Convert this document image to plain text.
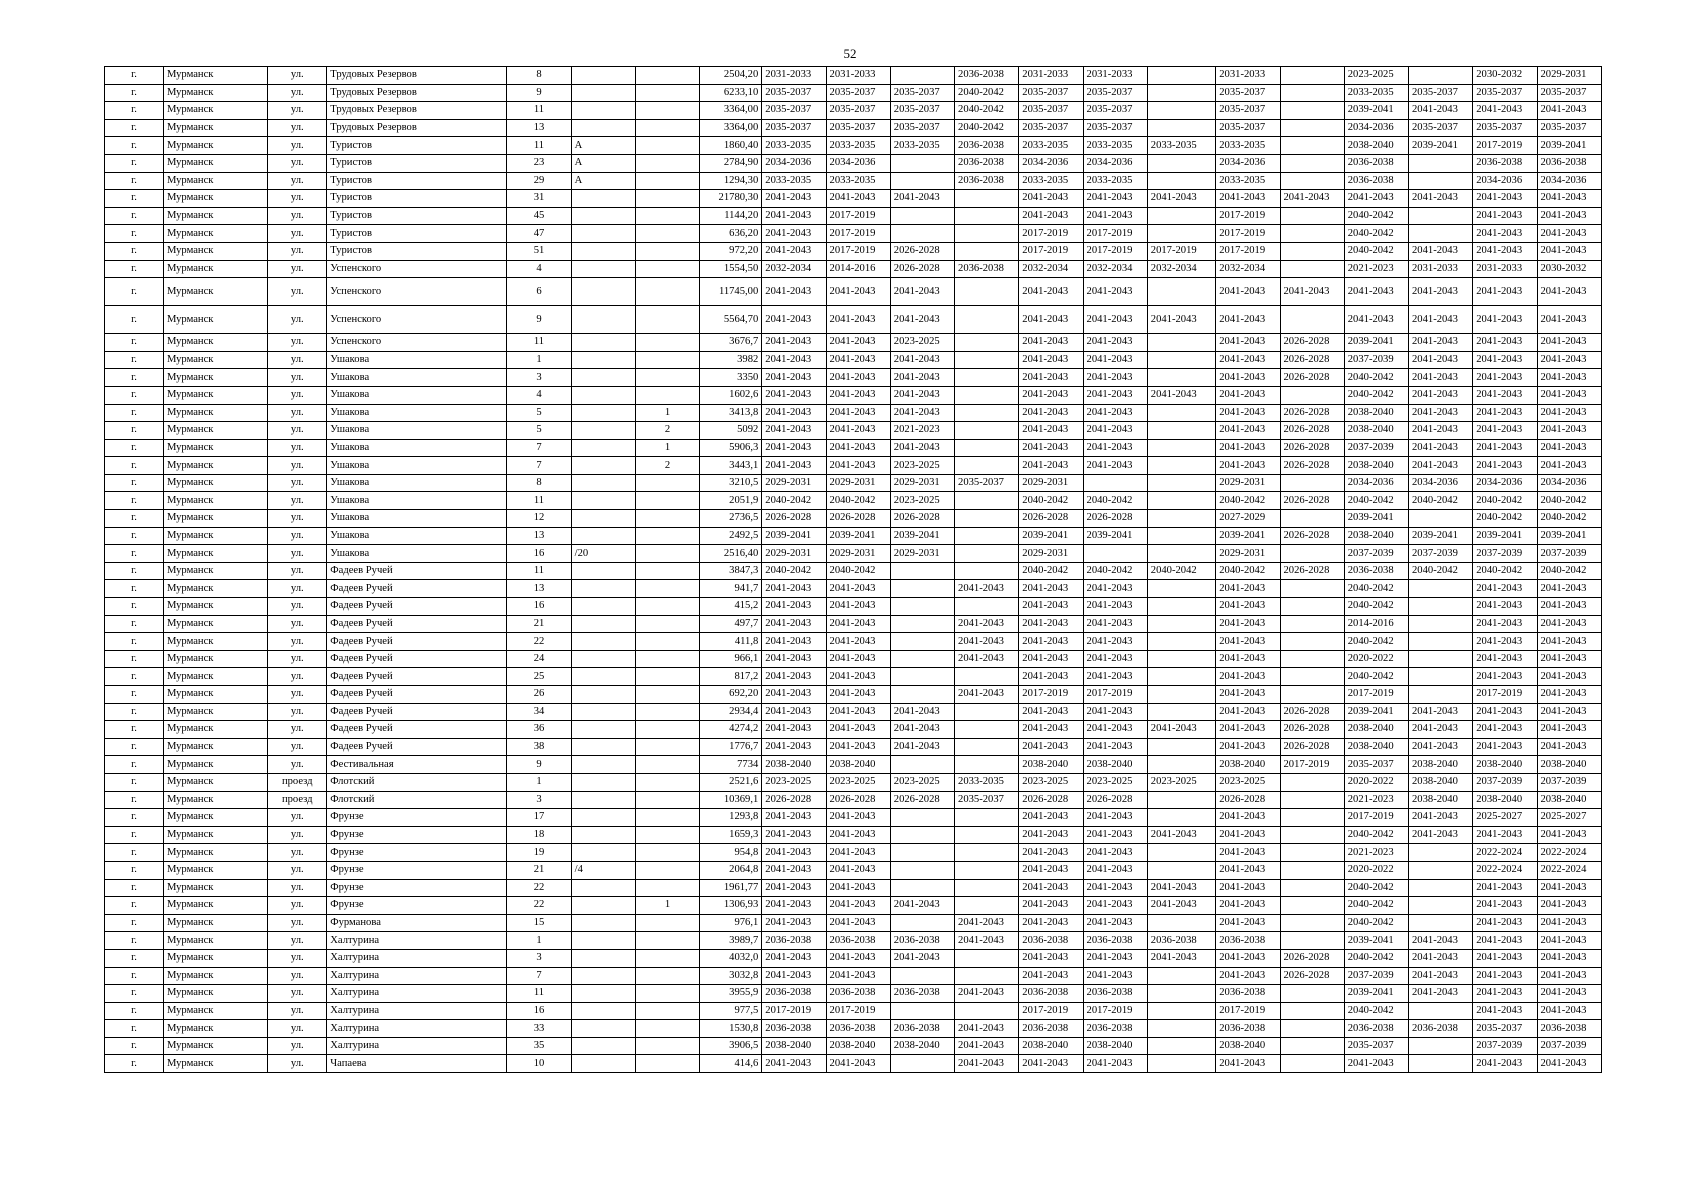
52
г.	Мурманск	ул.	Трудовых Резервов	8			2504,20	2031-2033	2031-2033		2036-2038	2031-2033	2031-2033		2031-2033		2023-2025		2030-2032	2029-2031
г.	Мурманск	ул.	Трудовых Резервов	9			6233,10	2035-2037	2035-2037	2035-2037	2040-2042	2035-2037	2035-2037		2035-2037		2033-2035	2035-2037	2035-2037	2035-2037
г.	Мурманск	ул.	Трудовых Резервов	11			3364,00	2035-2037	2035-2037	2035-2037	2040-2042	2035-2037	2035-2037		2035-2037		2039-2041	2041-2043	2041-2043	2041-2043
г.	Мурманск	ул.	Трудовых Резервов	13			3364,00	2035-2037	2035-2037	2035-2037	2040-2042	2035-2037	2035-2037		2035-2037		2034-2036	2035-2037	2035-2037	2035-2037
г.	Мурманск	ул.	Туристов	11	А		1860,40	2033-2035	2033-2035	2033-2035	2036-2038	2033-2035	2033-2035	2033-2035	2033-2035		2038-2040	2039-2041	2017-2019	2039-2041
г.	Мурманск	ул.	Туристов	23	А		2784,90	2034-2036	2034-2036		2036-2038	2034-2036	2034-2036		2034-2036		2036-2038		2036-2038	2036-2038
г.	Мурманск	ул.	Туристов	29	А		1294,30	2033-2035	2033-2035		2036-2038	2033-2035	2033-2035		2033-2035		2036-2038		2034-2036	2034-2036
г.	Мурманск	ул.	Туристов	31			21780,30	2041-2043	2041-2043	2041-2043		2041-2043	2041-2043	2041-2043	2041-2043	2041-2043	2041-2043	2041-2043	2041-2043	2041-2043
г.	Мурманск	ул.	Туристов	45			1144,20	2041-2043	2017-2019			2041-2043	2041-2043		2017-2019		2040-2042		2041-2043	2041-2043
г.	Мурманск	ул.	Туристов	47			636,20	2041-2043	2017-2019			2017-2019	2017-2019		2017-2019		2040-2042		2041-2043	2041-2043
г.	Мурманск	ул.	Туристов	51			972,20	2041-2043	2017-2019	2026-2028		2017-2019	2017-2019	2017-2019	2017-2019		2040-2042	2041-2043	2041-2043	2041-2043
г.	Мурманск	ул.	Успенского	4			1554,50	2032-2034	2014-2016	2026-2028	2036-2038	2032-2034	2032-2034	2032-2034	2032-2034		2021-2023	2031-2033	2031-2033	2030-2032
г.	Мурманск	ул.	Успенского	6			11745,00	2041-2043	2041-2043	2041-2043		2041-2043	2041-2043		2041-2043	2041-2043	2041-2043	2041-2043	2041-2043	2041-2043
г.	Мурманск	ул.	Успенского	9			5564,70	2041-2043	2041-2043	2041-2043		2041-2043	2041-2043	2041-2043	2041-2043		2041-2043	2041-2043	2041-2043	2041-2043
г.	Мурманск	ул.	Успенского	11			3676,7	2041-2043	2041-2043	2023-2025		2041-2043	2041-2043		2041-2043	2026-2028	2039-2041	2041-2043	2041-2043	2041-2043
г.	Мурманск	ул.	Ушакова	1			3982	2041-2043	2041-2043	2041-2043		2041-2043	2041-2043		2041-2043	2026-2028	2037-2039	2041-2043	2041-2043	2041-2043
г.	Мурманск	ул.	Ушакова	3			3350	2041-2043	2041-2043	2041-2043		2041-2043	2041-2043		2041-2043	2026-2028	2040-2042	2041-2043	2041-2043	2041-2043
г.	Мурманск	ул.	Ушакова	4			1602,6	2041-2043	2041-2043	2041-2043		2041-2043	2041-2043	2041-2043	2041-2043		2040-2042	2041-2043	2041-2043	2041-2043
г.	Мурманск	ул.	Ушакова	5		1	3413,8	2041-2043	2041-2043	2041-2043		2041-2043	2041-2043		2041-2043	2026-2028	2038-2040	2041-2043	2041-2043	2041-2043
г.	Мурманск	ул.	Ушакова	5		2	5092	2041-2043	2041-2043	2021-2023		2041-2043	2041-2043		2041-2043	2026-2028	2038-2040	2041-2043	2041-2043	2041-2043
г.	Мурманск	ул.	Ушакова	7		1	5906,3	2041-2043	2041-2043	2041-2043		2041-2043	2041-2043		2041-2043	2026-2028	2037-2039	2041-2043	2041-2043	2041-2043
г.	Мурманск	ул.	Ушакова	7		2	3443,1	2041-2043	2041-2043	2023-2025		2041-2043	2041-2043		2041-2043	2026-2028	2038-2040	2041-2043	2041-2043	2041-2043
г.	Мурманск	ул.	Ушакова	8			3210,5	2029-2031	2029-2031	2029-2031	2035-2037	2029-2031			2029-2031		2034-2036	2034-2036	2034-2036	2034-2036
г.	Мурманск	ул.	Ушакова	11			2051,9	2040-2042	2040-2042	2023-2025		2040-2042	2040-2042		2040-2042	2026-2028	2040-2042	2040-2042	2040-2042	2040-2042
г.	Мурманск	ул.	Ушакова	12			2736,5	2026-2028	2026-2028	2026-2028		2026-2028	2026-2028		2027-2029		2039-2041		2040-2042	2040-2042
г.	Мурманск	ул.	Ушакова	13			2492,5	2039-2041	2039-2041	2039-2041		2039-2041	2039-2041		2039-2041	2026-2028	2038-2040	2039-2041	2039-2041	2039-2041
г.	Мурманск	ул.	Ушакова	16	/20		2516,40	2029-2031	2029-2031	2029-2031		2029-2031			2029-2031		2037-2039	2037-2039	2037-2039	2037-2039
г.	Мурманск	ул.	Фадеев Ручей	11			3847,3	2040-2042	2040-2042			2040-2042	2040-2042	2040-2042	2040-2042	2026-2028	2036-2038	2040-2042	2040-2042	2040-2042
г.	Мурманск	ул.	Фадеев Ручей	13			941,7	2041-2043	2041-2043		2041-2043	2041-2043	2041-2043		2041-2043		2040-2042		2041-2043	2041-2043
г.	Мурманск	ул.	Фадеев Ручей	16			415,2	2041-2043	2041-2043			2041-2043	2041-2043		2041-2043		2040-2042		2041-2043	2041-2043
г.	Мурманск	ул.	Фадеев Ручей	21			497,7	2041-2043	2041-2043		2041-2043	2041-2043	2041-2043		2041-2043		2014-2016		2041-2043	2041-2043
г.	Мурманск	ул.	Фадеев Ручей	22			411,8	2041-2043	2041-2043		2041-2043	2041-2043	2041-2043		2041-2043		2040-2042		2041-2043	2041-2043
г.	Мурманск	ул.	Фадеев Ручей	24			966,1	2041-2043	2041-2043		2041-2043	2041-2043	2041-2043		2041-2043		2020-2022		2041-2043	2041-2043
г.	Мурманск	ул.	Фадеев Ручей	25			817,2	2041-2043	2041-2043			2041-2043	2041-2043		2041-2043		2040-2042		2041-2043	2041-2043
г.	Мурманск	ул.	Фадеев Ручей	26			692,20	2041-2043	2041-2043		2041-2043	2017-2019	2017-2019		2041-2043		2017-2019		2017-2019	2041-2043
г.	Мурманск	ул.	Фадеев Ручей	34			2934,4	2041-2043	2041-2043	2041-2043		2041-2043	2041-2043		2041-2043	2026-2028	2039-2041	2041-2043	2041-2043	2041-2043
г.	Мурманск	ул.	Фадеев Ручей	36			4274,2	2041-2043	2041-2043	2041-2043		2041-2043	2041-2043	2041-2043	2041-2043	2026-2028	2038-2040	2041-2043	2041-2043	2041-2043
г.	Мурманск	ул.	Фадеев Ручей	38			1776,7	2041-2043	2041-2043	2041-2043		2041-2043	2041-2043		2041-2043	2026-2028	2038-2040	2041-2043	2041-2043	2041-2043
г.	Мурманск	ул.	Фестивальная	9			7734	2038-2040	2038-2040			2038-2040	2038-2040		2038-2040	2017-2019	2035-2037	2038-2040	2038-2040	2038-2040
г.	Мурманск	проезд	Флотский	1			2521,6	2023-2025	2023-2025	2023-2025	2033-2035	2023-2025	2023-2025	2023-2025	2023-2025		2020-2022	2038-2040	2037-2039	2037-2039
г.	Мурманск	проезд	Флотский	3			10369,1	2026-2028	2026-2028	2026-2028	2035-2037	2026-2028	2026-2028		2026-2028		2021-2023	2038-2040	2038-2040	2038-2040
г.	Мурманск	ул.	Фрунзе	17			1293,8	2041-2043	2041-2043			2041-2043	2041-2043		2041-2043		2017-2019	2041-2043	2025-2027	2025-2027
г.	Мурманск	ул.	Фрунзе	18			1659,3	2041-2043	2041-2043			2041-2043	2041-2043	2041-2043	2041-2043		2040-2042	2041-2043	2041-2043	2041-2043
г.	Мурманск	ул.	Фрунзе	19			954,8	2041-2043	2041-2043			2041-2043	2041-2043		2041-2043		2021-2023		2022-2024	2022-2024
г.	Мурманск	ул.	Фрунзе	21	/4		2064,8	2041-2043	2041-2043			2041-2043	2041-2043		2041-2043		2020-2022		2022-2024	2022-2024
г.	Мурманск	ул.	Фрунзе	22			1961,77	2041-2043	2041-2043			2041-2043	2041-2043	2041-2043	2041-2043		2040-2042		2041-2043	2041-2043
г.	Мурманск	ул.	Фрунзе	22		1	1306,93	2041-2043	2041-2043	2041-2043		2041-2043	2041-2043	2041-2043	2041-2043		2040-2042		2041-2043	2041-2043
г.	Мурманск	ул.	Фурманова	15			976,1	2041-2043	2041-2043		2041-2043	2041-2043	2041-2043		2041-2043		2040-2042		2041-2043	2041-2043
г.	Мурманск	ул.	Халтурина	1			3989,7	2036-2038	2036-2038	2036-2038	2041-2043	2036-2038	2036-2038	2036-2038	2036-2038		2039-2041	2041-2043	2041-2043	2041-2043
г.	Мурманск	ул.	Халтурина	3			4032,0	2041-2043	2041-2043	2041-2043		2041-2043	2041-2043	2041-2043	2041-2043	2026-2028	2040-2042	2041-2043	2041-2043	2041-2043
г.	Мурманск	ул.	Халтурина	7			3032,8	2041-2043	2041-2043			2041-2043	2041-2043		2041-2043	2026-2028	2037-2039	2041-2043	2041-2043	2041-2043
г.	Мурманск	ул.	Халтурина	11			3955,9	2036-2038	2036-2038	2036-2038	2041-2043	2036-2038	2036-2038		2036-2038		2039-2041	2041-2043	2041-2043	2041-2043
г.	Мурманск	ул.	Халтурина	16			977,5	2017-2019	2017-2019			2017-2019	2017-2019		2017-2019		2040-2042		2041-2043	2041-2043
г.	Мурманск	ул.	Халтурина	33			1530,8	2036-2038	2036-2038	2036-2038	2041-2043	2036-2038	2036-2038		2036-2038		2036-2038	2036-2038	2035-2037	2036-2038
г.	Мурманск	ул.	Халтурина	35			3906,5	2038-2040	2038-2040	2038-2040	2041-2043	2038-2040	2038-2040		2038-2040		2035-2037		2037-2039	2037-2039
г.	Мурманск	ул.	Чапаева	10			414,6	2041-2043	2041-2043		2041-2043	2041-2043	2041-2043		2041-2043		2041-2043		2041-2043	2041-2043
